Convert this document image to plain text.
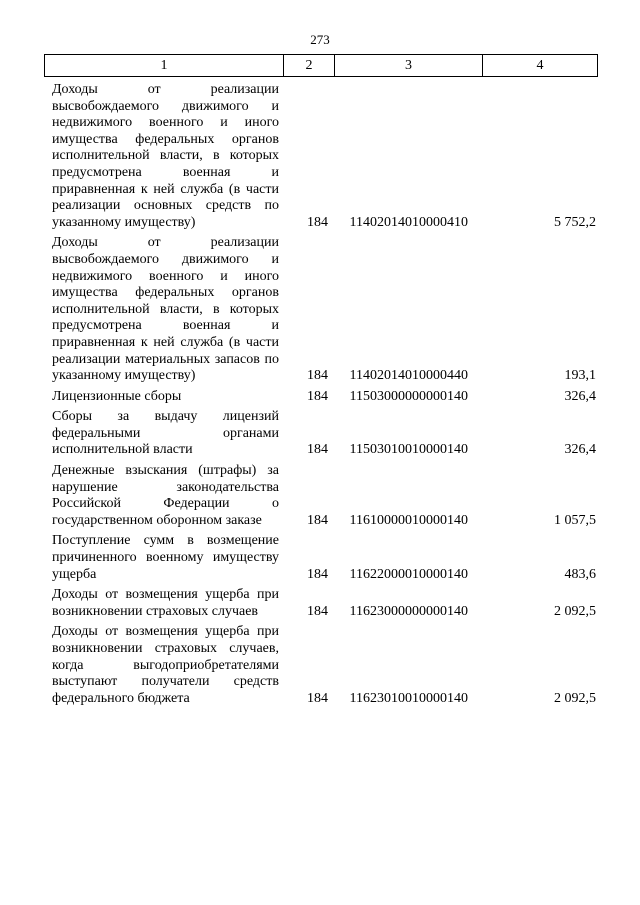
273
1	2	3	4
Доходы от реализации высвобождаемого движимого и недвижимого военного и иного имущества федеральных органов исполнительной власти, в которых предусмотрена военная и приравненная к ней служба (в части реализации основных средств по указанному имуществу)	184	11402014010000410	5 752,2
Доходы от реализации высвобождаемого движимого и недвижимого военного и иного имущества федеральных органов исполнительной власти, в которых предусмотрена военная и приравненная к ней служба (в части реализации материальных запасов по указанному имуществу)	184	11402014010000440	193,1
Лицензионные сборы	184	11503000000000140	326,4
Сборы за выдачу лицензий федеральными органами исполнительной власти	184	11503010010000140	326,4
Денежные взыскания (штрафы) за нарушение законодательства Российской Федерации о государственном оборонном заказе	184	11610000010000140	1 057,5
Поступление сумм в возмещение причиненного военному имуществу ущерба	184	11622000010000140	483,6
Доходы от возмещения ущерба при возникновении страховых случаев	184	11623000000000140	2 092,5
Доходы от возмещения ущерба при возникновении страховых случаев, когда выгодоприобретателями выступают получатели средств федерального бюджета	184	11623010010000140	2 092,5
